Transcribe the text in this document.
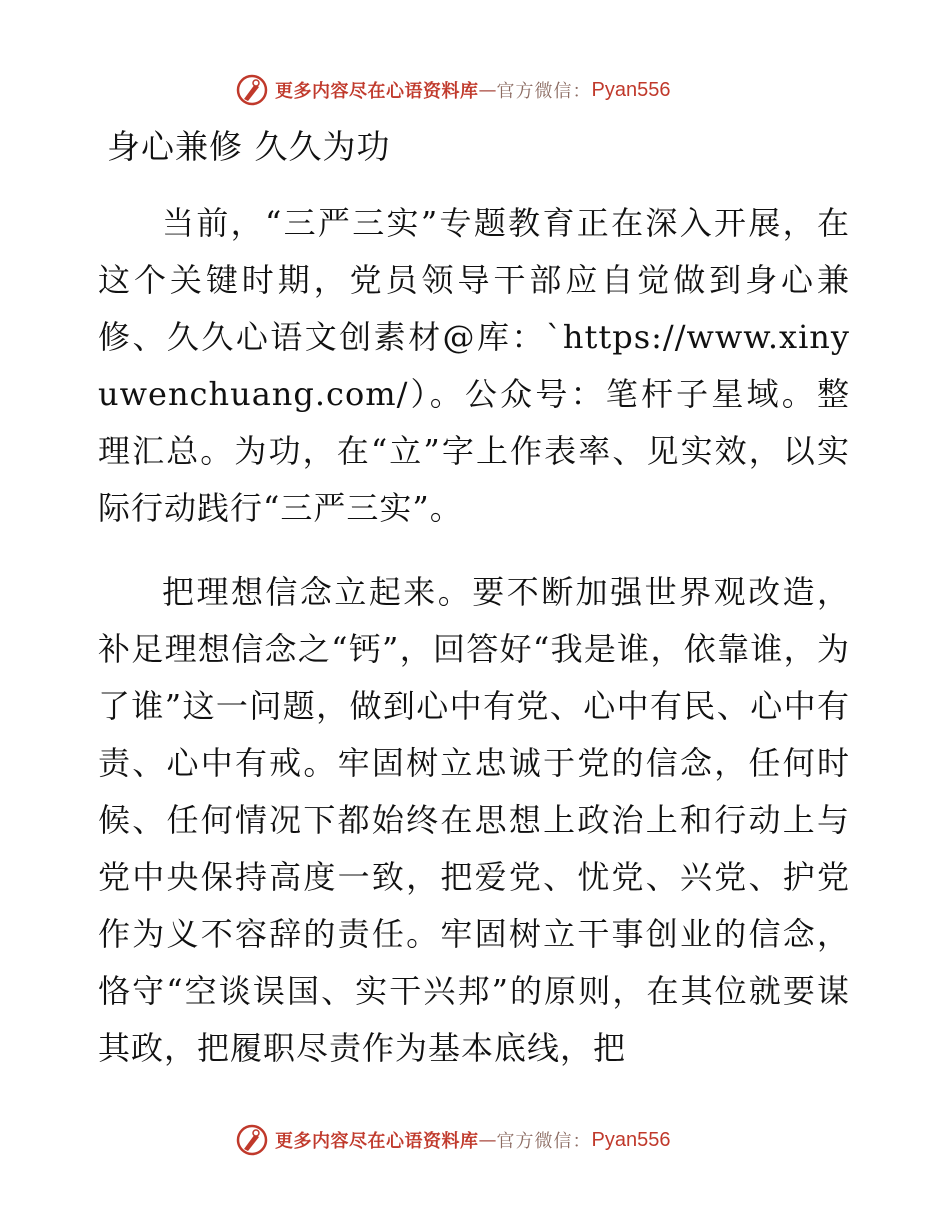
更多内容尽在心语资料库 — 官方微信： Pyan556
身心兼修 久久为功

当前，“三严三实”专题教育正在深入开展，在这个关键时期，党员领导干部应自觉做到身心兼修、久久心语文创素材@库：`https://www.xinyuwenchuang.com/）。公众号：笔杆子星域。整理汇总。为功，在“立”字上作表率、见实效，以实际行动践行“三严三实”。

把理想信念立起来。要不断加强世界观改造，补足理想信念之“钙”，回答好“我是谁，依靠谁，为了谁”这一问题，做到心中有党、心中有民、心中有责、心中有戒。牢固树立忠诚于党的信念，任何时候、任何情况下都始终在思想上政治上和行动上与党中央保持高度一致，把爱党、忧党、兴党、护党作为义不容辞的责任。牢固树立干事创业的信念，恪守“空谈误国、实干兴邦”的原则，在其位就要谋其政，把履职尽责作为基本底线，把

更多内容尽在心语资料库 — 官方微信： Pyan556
